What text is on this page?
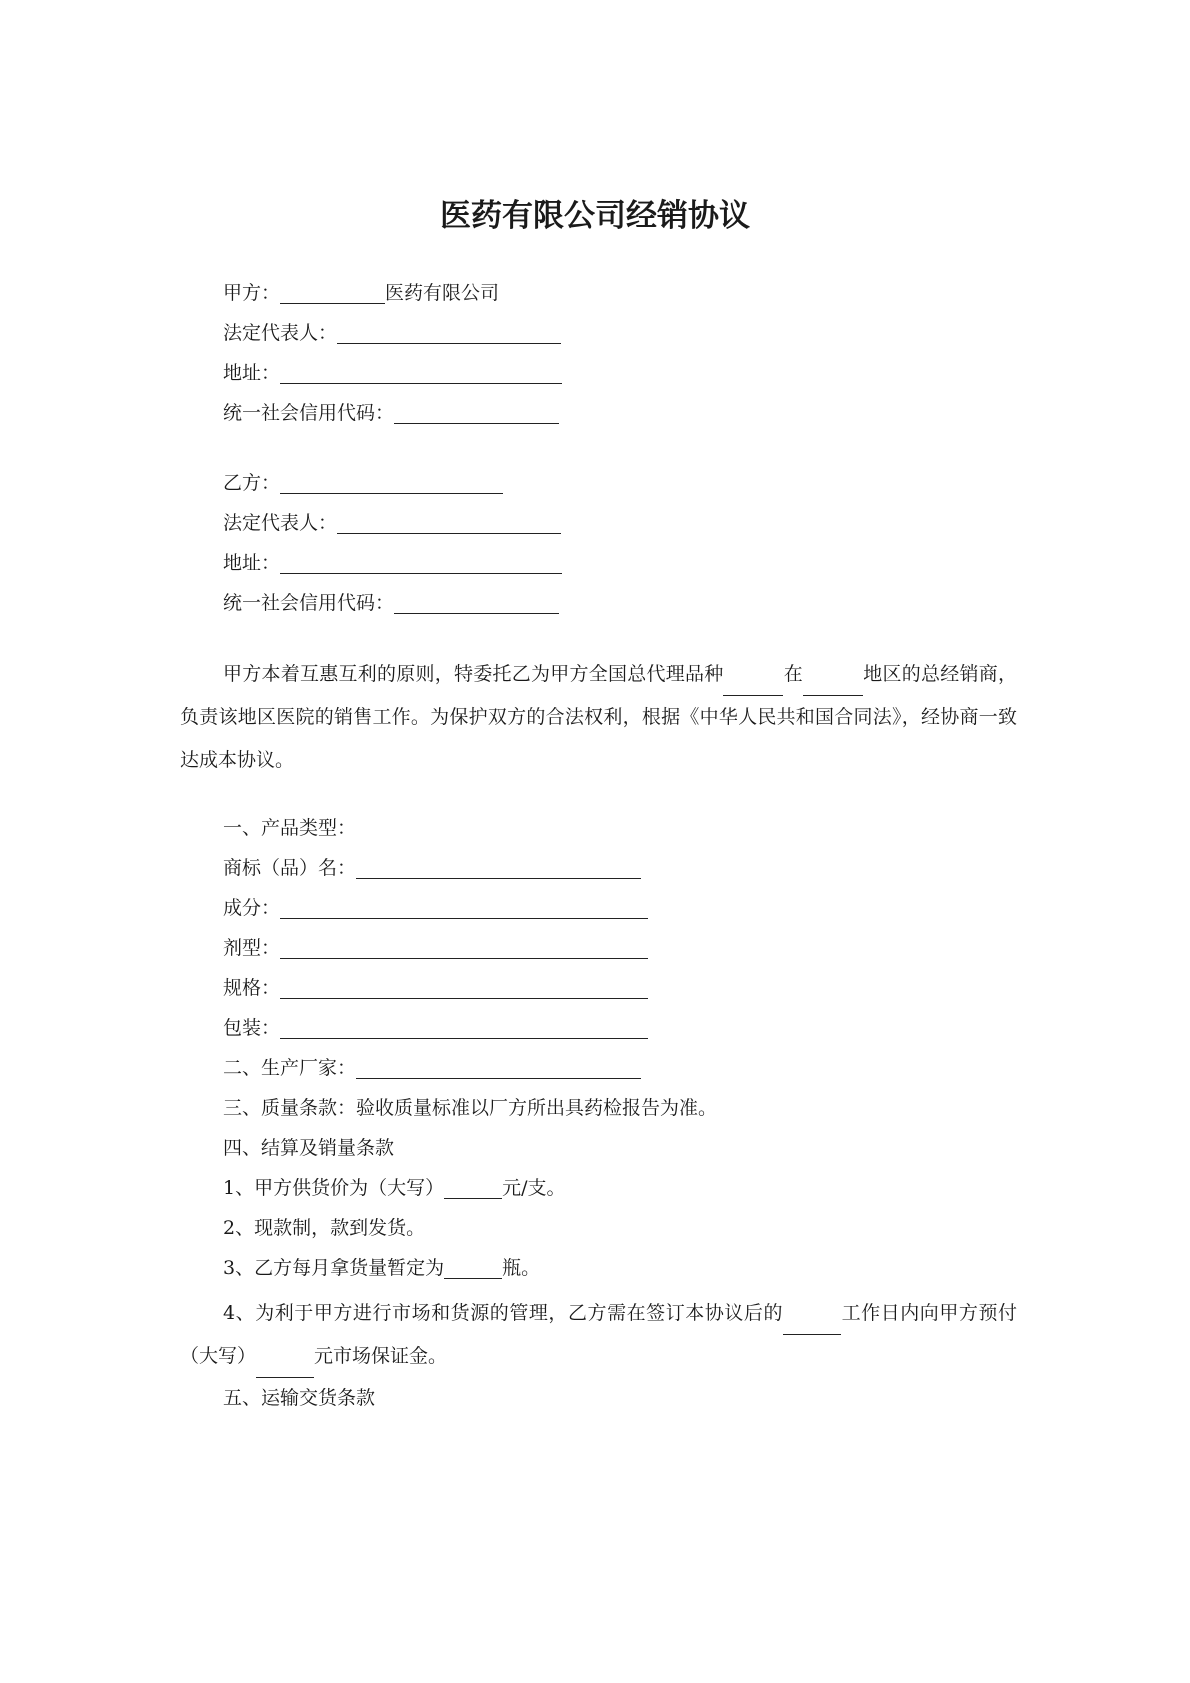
医药有限公司经销协议
甲方：	医药有限公司
法定代表人：
地址：
统一社会信用代码：
乙方：
法定代表人：
地址：
统一社会信用代码：
甲方本着互惠互利的原则，特委托乙为甲方全国总代理品种	在	地区的总经销商，负责该地区医院的销售工作。为保护双方的合法权利，根据《中华人民共和国合同法》，经协商一致达成本协议。
一、产品类型：
商标（品）名：
成分：
剂型：
规格：
包装：
二、生产厂家：
三、质量条款：验收质量标准以厂方所出具药检报告为准。
四、结算及销量条款
1、甲方供货价为（大写）	元/支。
2、现款制，款到发货。
3、乙方每月拿货量暂定为	瓶。
4、为利于甲方进行市场和货源的管理，乙方需在签订本协议后的	工作日内向甲方预付（大写）	元市场保证金。
五、运输交货条款
